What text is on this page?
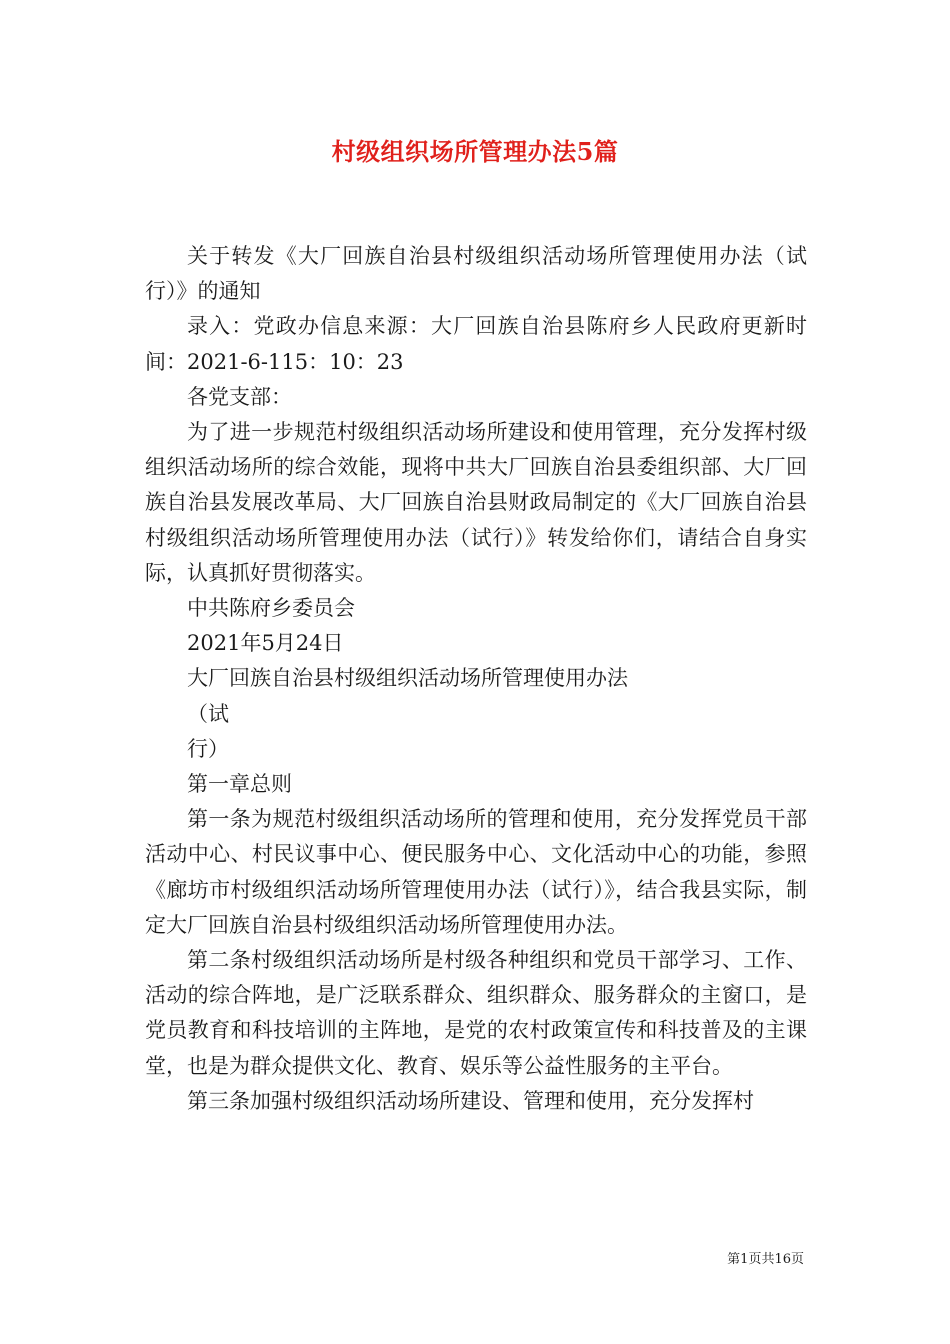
村级组织场所管理办法5篇

关于转发《大厂回族自治县村级组织活动场所管理使用办法（试行）》的通知

录入：党政办信息来源：大厂回族自治县陈府乡人民政府更新时间：2021-6-115：10：23

各党支部：

为了进一步规范村级组织活动场所建设和使用管理，充分发挥村级组织活动场所的综合效能，现将中共大厂回族自治县委组织部、大厂回族自治县发展改革局、大厂回族自治县财政局制定的《大厂回族自治县村级组织活动场所管理使用办法（试行）》转发给你们，请结合自身实际，认真抓好贯彻落实。

中共陈府乡委员会

2021年5月24日

大厂回族自治县村级组织活动场所管理使用办法

（试

行）

第一章总则

第一条为规范村级组织活动场所的管理和使用，充分发挥党员干部活动中心、村民议事中心、便民服务中心、文化活动中心的功能，参照《廊坊市村级组织活动场所管理使用办法（试行）》，结合我县实际，制定大厂回族自治县村级组织活动场所管理使用办法。

第二条村级组织活动场所是村级各种组织和党员干部学习、工作、活动的综合阵地，是广泛联系群众、组织群众、服务群众的主窗口，是党员教育和科技培训的主阵地，是党的农村政策宣传和科技普及的主课堂，也是为群众提供文化、教育、娱乐等公益性服务的主平台。

第三条加强村级组织活动场所建设、管理和使用，充分发挥村

第1页共16页
